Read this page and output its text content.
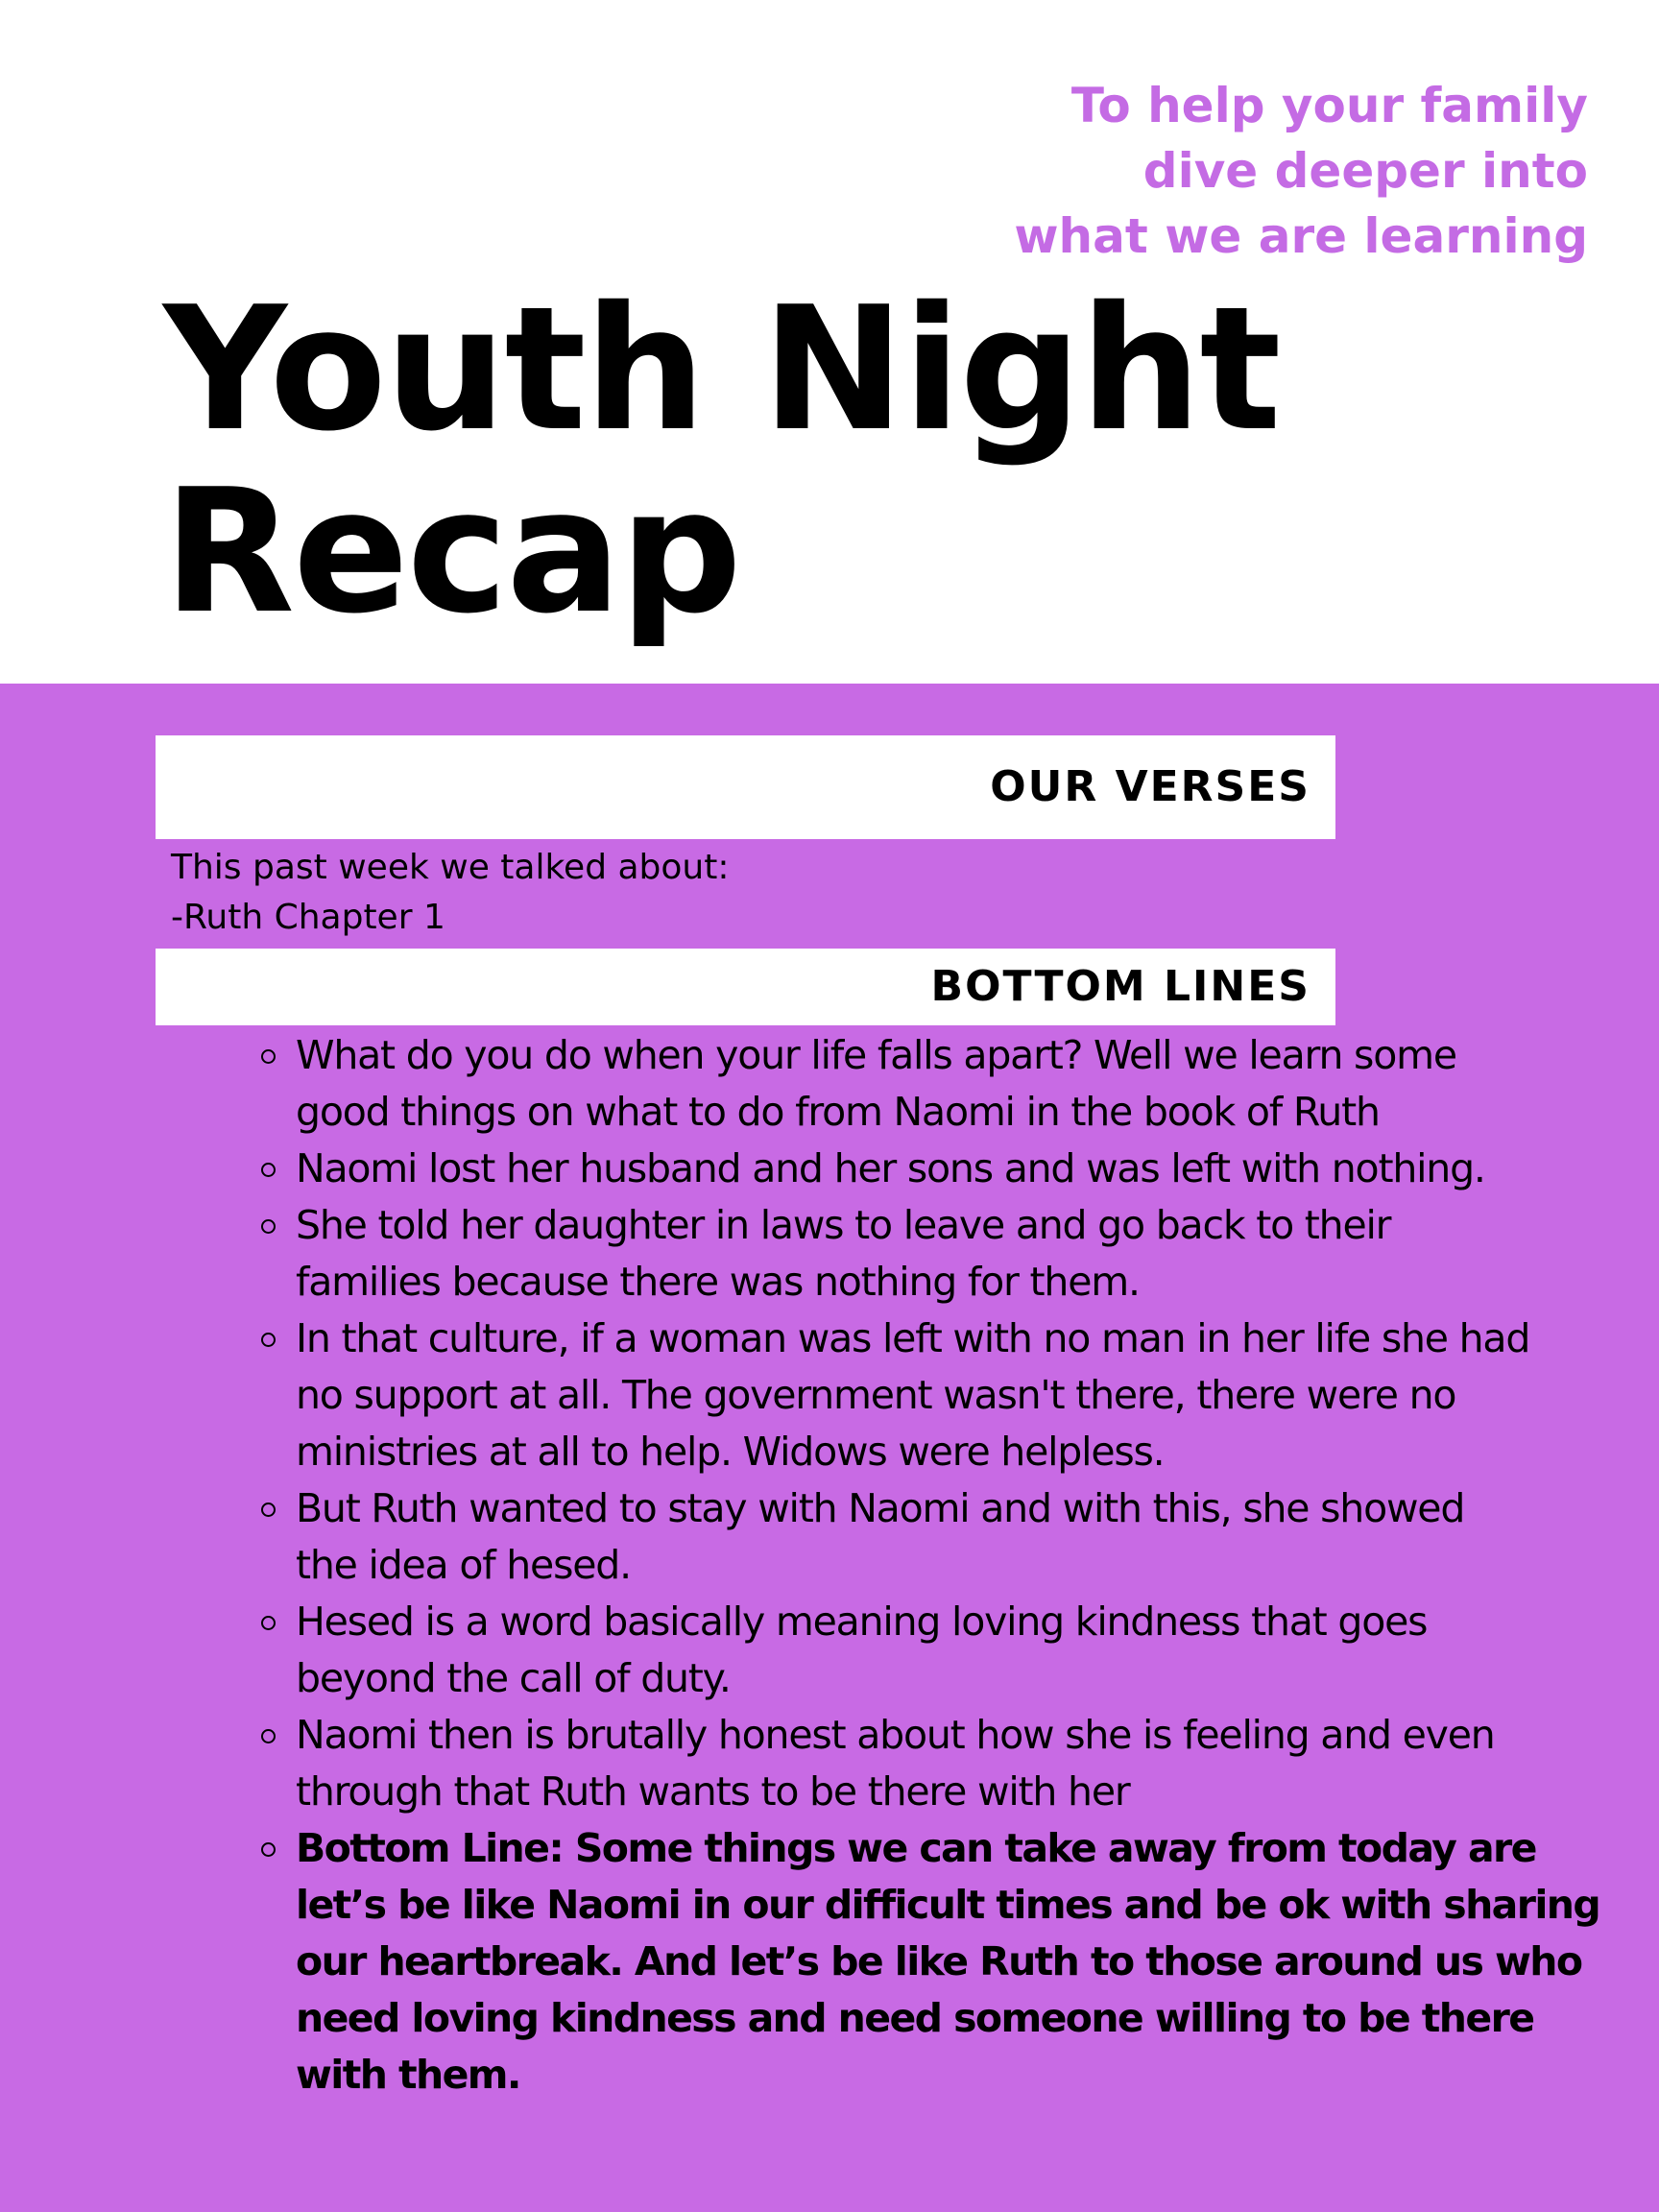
To help your family
dive deeper into
what we are learning
Youth Night
Recap
OUR VERSES
This past week we talked about:
-Ruth Chapter 1
BOTTOM LINES
What do you do when your life falls apart? Well we learn some
good things on what to do from Naomi in the book of Ruth
Naomi lost her husband and her sons and was left with nothing.
She told her daughter in laws to leave and go back to their
families because there was nothing for them.
In that culture, if a woman was left with no man in her life she had
no support at all. The government wasn't there, there were no
ministries at all to help. Widows were helpless.
But Ruth wanted to stay with Naomi and with this, she showed
the idea of hesed.
Hesed is a word basically meaning loving kindness that goes
beyond the call of duty.
Naomi then is brutally honest about how she is feeling and even
through that Ruth wants to be there with her
Bottom Line: Some things we can take away from today are
let’s be like Naomi in our difficult times and be ok with sharing
our heartbreak. And let’s be like Ruth to those around us who
need loving kindness and need someone willing to be there
with them.
